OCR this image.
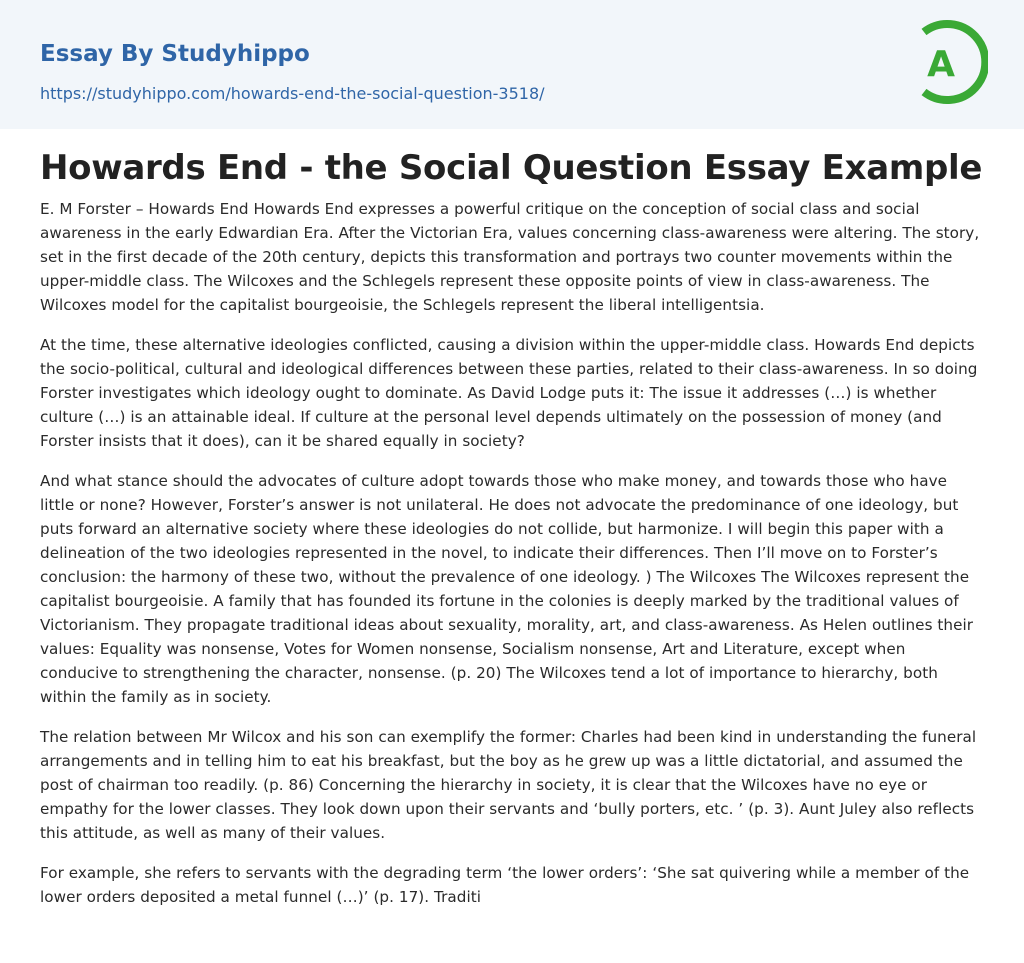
Essay By Studyhippo
https://studyhippo.com/howards-end-the-social-question-3518/
A
Howards End - the Social Question Essay Example

E. M Forster – Howards End Howards End expresses a powerful critique on the conception of social class and social awareness in the early Edwardian Era. After the Victorian Era, values concerning class-awareness were altering. The story, set in the first decade of the 20th century, depicts this transformation and portrays two counter movements within the upper-middle class. The Wilcoxes and the Schlegels represent these opposite points of view in class-awareness. The Wilcoxes model for the capitalist bourgeoisie, the Schlegels represent the liberal intelligentsia.

At the time, these alternative ideologies conflicted, causing a division within the upper-middle class. Howards End depicts the socio-political, cultural and ideological differences between these parties, related to their class-awareness. In so doing Forster investigates which ideology ought to dominate. As David Lodge puts it: The issue it addresses (…) is whether culture (…) is an attainable ideal. If culture at the personal level depends ultimately on the possession of money (and Forster insists that it does), can it be shared equally in society?

And what stance should the advocates of culture adopt towards those who make money, and towards those who have little or none? However, Forster’s answer is not unilateral. He does not advocate the predominance of one ideology, but puts forward an alternative society where these ideologies do not collide, but harmonize. I will begin this paper with a delineation of the two ideologies represented in the novel, to indicate their differences. Then I’ll move on to Forster’s conclusion: the harmony of these two, without the prevalence of one ideology. ) The Wilcoxes The Wilcoxes represent the capitalist bourgeoisie. A family that has founded its fortune in the colonies is deeply marked by the traditional values of Victorianism. They propagate traditional ideas about sexuality, morality, art, and class-awareness. As Helen outlines their values: Equality was nonsense, Votes for Women nonsense, Socialism nonsense, Art and Literature, except when conducive to strengthening the character, nonsense. (p. 20) The Wilcoxes tend a lot of importance to hierarchy, both within the family as in society.

The relation between Mr Wilcox and his son can exemplify the former: Charles had been kind in understanding the funeral arrangements and in telling him to eat his breakfast, but the boy as he grew up was a little dictatorial, and assumed the post of chairman too readily. (p. 86) Concerning the hierarchy in society, it is clear that the Wilcoxes have no eye or empathy for the lower classes. They look down upon their servants and ‘bully porters, etc. ’ (p. 3). Aunt Juley also reflects this attitude, as well as many of their values.

For example, she refers to servants with the degrading term ‘the lower orders’: ‘She sat quivering while a member of the lower orders deposited a metal funnel (…)’ (p. 17). Traditi
